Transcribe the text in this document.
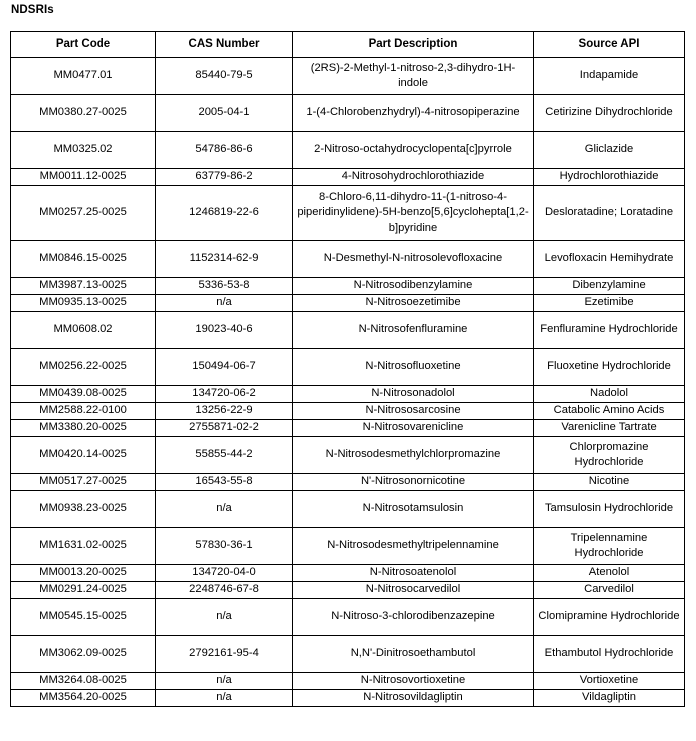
NDSRIs
Part Code	CAS Number	Part Description	Source API
MM0477.01	85440-79-5	(2RS)-2-Methyl-1-nitroso-2,3-dihydro-1H-indole	Indapamide
MM0380.27-0025	2005-04-1	1-(4-Chlorobenzhydryl)-4-nitrosopiperazine	Cetirizine Dihydrochloride
MM0325.02	54786-86-6	2-Nitroso-octahydrocyclopenta[c]pyrrole	Gliclazide
MM0011.12-0025	63779-86-2	4-Nitrosohydrochlorothiazide	Hydrochlorothiazide
MM0257.25-0025	1246819-22-6	8-Chloro-6,11-dihydro-11-(1-nitroso-4-piperidinylidene)-5H-benzo[5,6]cyclohepta[1,2-b]pyridine	Desloratadine; Loratadine
MM0846.15-0025	1152314-62-9	N-Desmethyl-N-nitrosolevofloxacine	Levofloxacin Hemihydrate
MM3987.13-0025	5336-53-8	N-Nitrosodibenzylamine	Dibenzylamine
MM0935.13-0025	n/a	N-Nitrosoezetimibe	Ezetimibe
MM0608.02	19023-40-6	N-Nitrosofenfluramine	Fenfluramine Hydrochloride
MM0256.22-0025	150494-06-7	N-Nitrosofluoxetine	Fluoxetine Hydrochloride
MM0439.08-0025	134720-06-2	N-Nitrosonadolol	Nadolol
MM2588.22-0100	13256-22-9	N-Nitrososarcosine	Catabolic Amino Acids
MM3380.20-0025	2755871-02-2	N-Nitrosovarenicline	Varenicline Tartrate
MM0420.14-0025	55855-44-2	N-Nitrosodesmethylchlorpromazine	Chlorpromazine Hydrochloride
MM0517.27-0025	16543-55-8	N'-Nitrosonornicotine	Nicotine
MM0938.23-0025	n/a	N-Nitrosotamsulosin	Tamsulosin Hydrochloride
MM1631.02-0025	57830-36-1	N-Nitrosodesmethyltripelennamine	Tripelennamine Hydrochloride
MM0013.20-0025	134720-04-0	N-Nitrosoatenolol	Atenolol
MM0291.24-0025	2248746-67-8	N-Nitrosocarvedilol	Carvedilol
MM0545.15-0025	n/a	N-Nitroso-3-chlorodibenzazepine	Clomipramine Hydrochloride
MM3062.09-0025	2792161-95-4	N,N'-Dinitrosoethambutol	Ethambutol Hydrochloride
MM3264.08-0025	n/a	N-Nitrosovortioxetine	Vortioxetine
MM3564.20-0025	n/a	N-Nitrosovildagliptin	Vildagliptin
